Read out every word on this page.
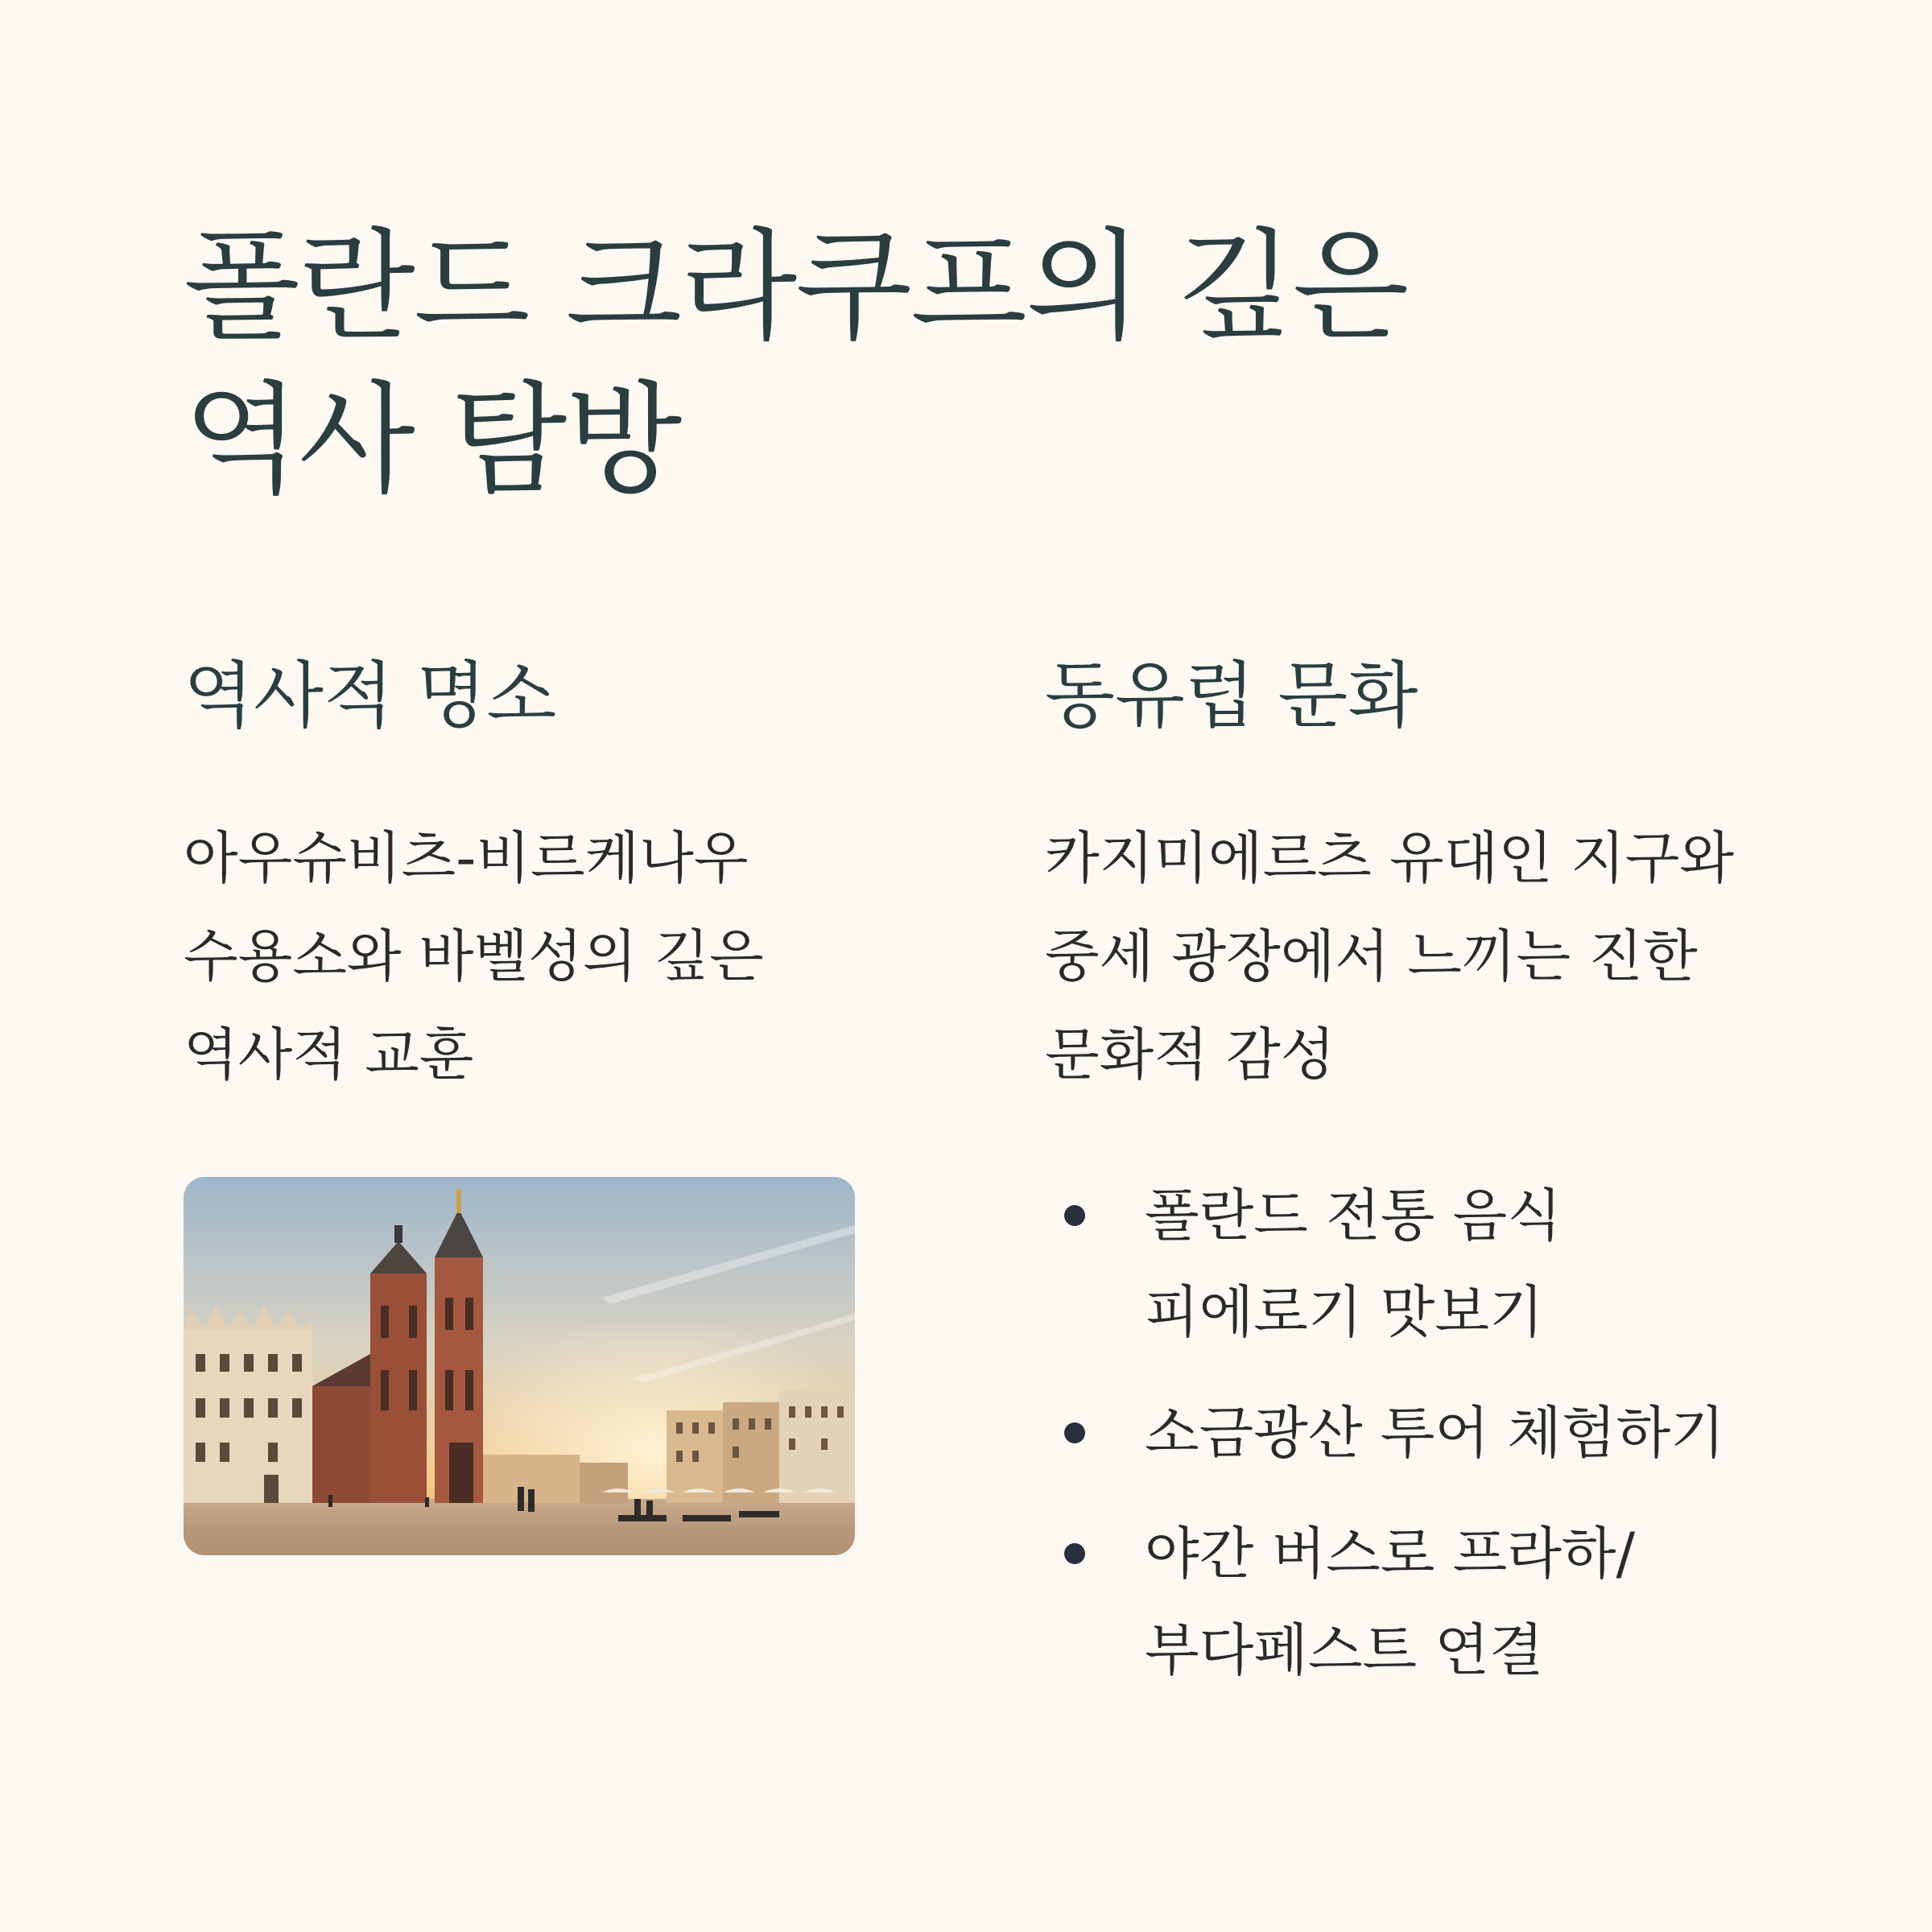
폴란드 크라쿠프의 깊은
역사 탐방
역사적 명소	동유럽 문화

아우슈비츠-비르케나우
수용소와 바벨성의 깊은
역사적 교훈

카지미에르츠 유대인 지구와
중세 광장에서 느끼는 진한
문화적 감성

폴란드 전통 음식
피에로기 맛보기
소금광산 투어 체험하기
야간 버스로 프라하/
부다페스트 연결
